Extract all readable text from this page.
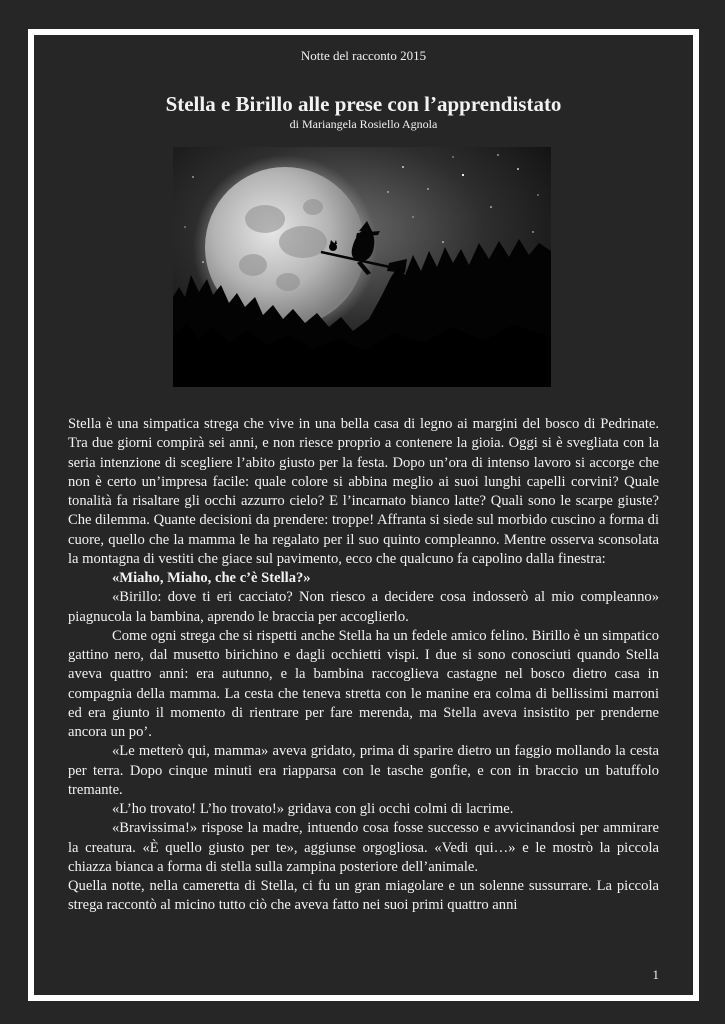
Notte del racconto 2015
Stella e Birillo alle prese con l’apprendistato
di Mariangela Rosiello Agnola

Stella è una simpatica strega che vive in una bella casa di legno ai margini del bosco di Pedrinate. Tra due giorni compirà sei anni, e non riesce proprio a contenere la gioia. Oggi si è svegliata con la seria intenzione di scegliere l’abito giusto per la festa. Dopo un’ora di intenso lavoro si accorge che non è certo un’impresa facile: quale colore si abbina meglio ai suoi lunghi capelli corvini? Quale tonalità fa risaltare gli occhi azzurro cielo? E l’incarnato bianco latte? Quali sono le scarpe giuste? Che dilemma. Quante decisioni da prendere: troppe! Affranta si siede sul morbido cuscino a forma di cuore, quello che la mamma le ha regalato per il suo quinto compleanno. Mentre osserva sconsolata la montagna di vestiti che giace sul pavimento, ecco che qualcuno fa capolino dalla finestra:

«Miaho, Miaho, che c’è Stella?»

«Birillo: dove ti eri cacciato? Non riesco a decidere cosa indosserò al mio compleanno» piagnucola la bambina, aprendo le braccia per accoglierlo.

Come ogni strega che si rispetti anche Stella ha un fedele amico felino. Birillo è un simpatico gattino nero, dal musetto birichino e dagli occhietti vispi. I due si sono conosciuti quando Stella aveva quattro anni: era autunno, e la bambina raccoglieva castagne nel bosco dietro casa in compagnia della mamma. La cesta che teneva stretta con le manine era colma di bellissimi marroni ed era giunto il momento di rientrare per fare merenda, ma Stella aveva insistito per prenderne ancora un po’.

«Le metterò qui, mamma» aveva gridato, prima di sparire dietro un faggio mollando la cesta per terra. Dopo cinque minuti era riapparsa con le tasche gonfie, e con in braccio un batuffolo tremante.

«L’ho trovato! L’ho trovato!» gridava con gli occhi colmi di lacrime.

«Bravissima!» rispose la madre, intuendo cosa fosse successo e avvicinandosi per ammirare la creatura. «È quello giusto per te», aggiunse orgogliosa. «Vedi qui…» e le mostrò la piccola chiazza bianca a forma di stella sulla zampina posteriore dell’animale.

Quella notte, nella cameretta di Stella, ci fu un gran miagolare e un solenne sussurrare. La piccola strega raccontò al micino tutto ciò che aveva fatto nei suoi primi quattro anni

1
